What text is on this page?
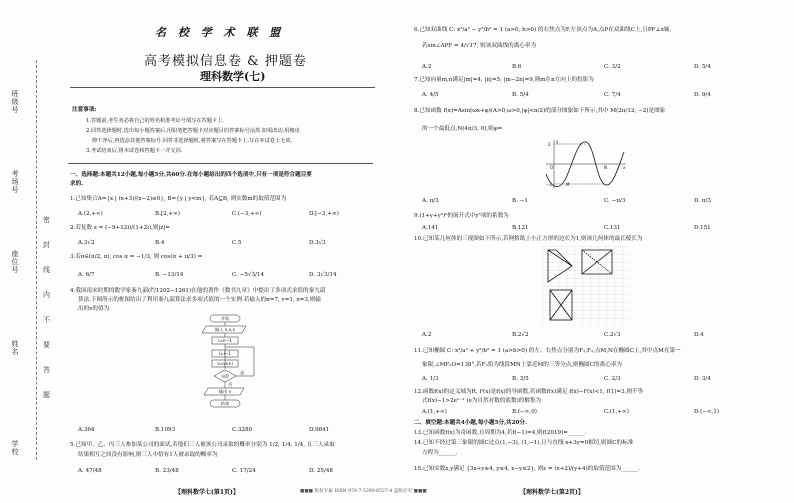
班级号
考场号
座位号
姓名
学校
密
封
线
内
不
要
答
题
名 校 学 术 联 盟
高考模拟信息卷 & 押题卷
理科数学(七)
注意事项:
1.答题前,考生务必将自己的姓名和准考证号填写在答题卡上.
2.回答选择题时,选出每小题答案后,用铅笔把答题卡对应题目的答案标号涂黑.如需改动,用橡皮
擦干净后,再选涂其他答案标号.回答非选择题时,将答案写在答题卡上.写在本试卷上无效.
3.考试结束后,将本试卷和答题卡一并交回.
一、选择题:本题共12小题,每小题5分,共60分.在每小题给出的四个选项中,只有一项是符合题目要
求的.
1.已知集合A={x | (x+3)/(x−2)≤0}, B={y | y<m}, 若A⊆B, 则实数m的取值范围为
A.(2,+∞)	B.[2,+∞)	C.(−3,+∞)	D.[−3,+∞)
2.若复数 z = (−9+12i)/(1+2i),则|z|=
A.3√2	B.4	C.5	D.3√3
3.若α∈(π/2, π), cos α = −1/3, 则 cos(α + π/3) =
A. 6/7	B. −13/14	C. −5√3/14	D. 3√3/14
4.我国南宋时期的数学家秦九韶(约1202−1261)在他的著作《数书九章》中提出了多项式求值的秦九韶
算法.下图所示的框图给出了利用秦九韶算法求多项式值的一个实例.若输入的n=7, v=1, x=3,则输
出的v的值为
开始
输入 n,v,x
i=n−1
i=i−1
v=vx+i
i≥0
输出 v
结束
是
否
A.364	B.1093	C.3280	D.9841
5.已知甲、乙、丙三人参加某公司的面试,若他们三人被该公司录取的概率分别为 1/2, 1/4, 1/4, 且三人录取
结果相互之间没有影响,则三人中恰有1人被录取的概率为
A. 47/48	B. 23/48	C. 17/24	D. 25/48
6.已知双曲线 C: x²/a² − y²/b² = 1 (a>0, b>0) 的右焦点为F,左顶点为A,点P在双曲线C上,且PF⊥x轴,
若sin∠APF = 4/√17, 则该双曲线的离心率为
A.2	B.6	C. 3/2	D. 5/4
7.已知向量m,n满足|m|=4, |n|=5, |m−2n|=9,则m在n方向上的投影为
A. 4/5	B. 5/4	C. 7/4	D. 9/4
8.已知函数 f(x)=Asin(ωx+φ)(A>0,ω>0,|φ|<π/2)的部分图象如下所示,其中 M(2π/12, −2)是图象
的一个最低点,N(4π/3, 0),则φ=
y
x
O
2
−2	M
N
A. π/3	B. −1	C. −π/3	D. π/3
9.(1+y+y²)⁶的展开式中y⁵项的系数为
A.141	B.121	C.131	D.151
10.已知某几何体的三视图如下所示,若网格纸上小正方形的边长为1,则该几何体的最长棱长为
A.2	B.2√2	C.2√3	D.4
11.已知椭圆 C: x²/a² + y²/b² = 1 (a>b>0) 的左、右焦点分别为F₁,F₂,点M,N在椭圆C上,其中点M在第一
象限,∠MF₂O=138°,若F₂恰为线段MN上靠近M的三等分点,则椭圆C的离心率为
A. 1/3	B. 3/5	C. 2/3	D. 3/4
12.函数f(x)的定义域为R, f'(x)是f(x)的导函数,若函数f(x)满足 f(x)−f'(x)<1, f(1)=3,则不等
式f(x)−1>2eˣ⁻¹ (e为自然对数的底数)的解集为
A.(1,+∞)	B.(−∞,0)	C.(1,+∞)	D.(−∞,1)
二、填空题:本题共4小题,每小题5分,共20分.
13.已知函数f(x)为奇函数,且周期为4,若f(−1)=4,则f(2019)=______.
14.已知不经过第三象限的圆C过点(1,−3), (1,−1),且与直线 x+3y=0相切,则圆C的标准
方程为______.
15.已知实数x,y满足 {3x+y≥4, y≤4, x−y≤2}, 则z = (x+2)/(y+4)的取值范围为______.
【理科数学七(第1页)】	■■■ 版权专属 ISBN 978-7-5390-6527-4 盗版必究 ■■■	【理科数学七(第2页)】
